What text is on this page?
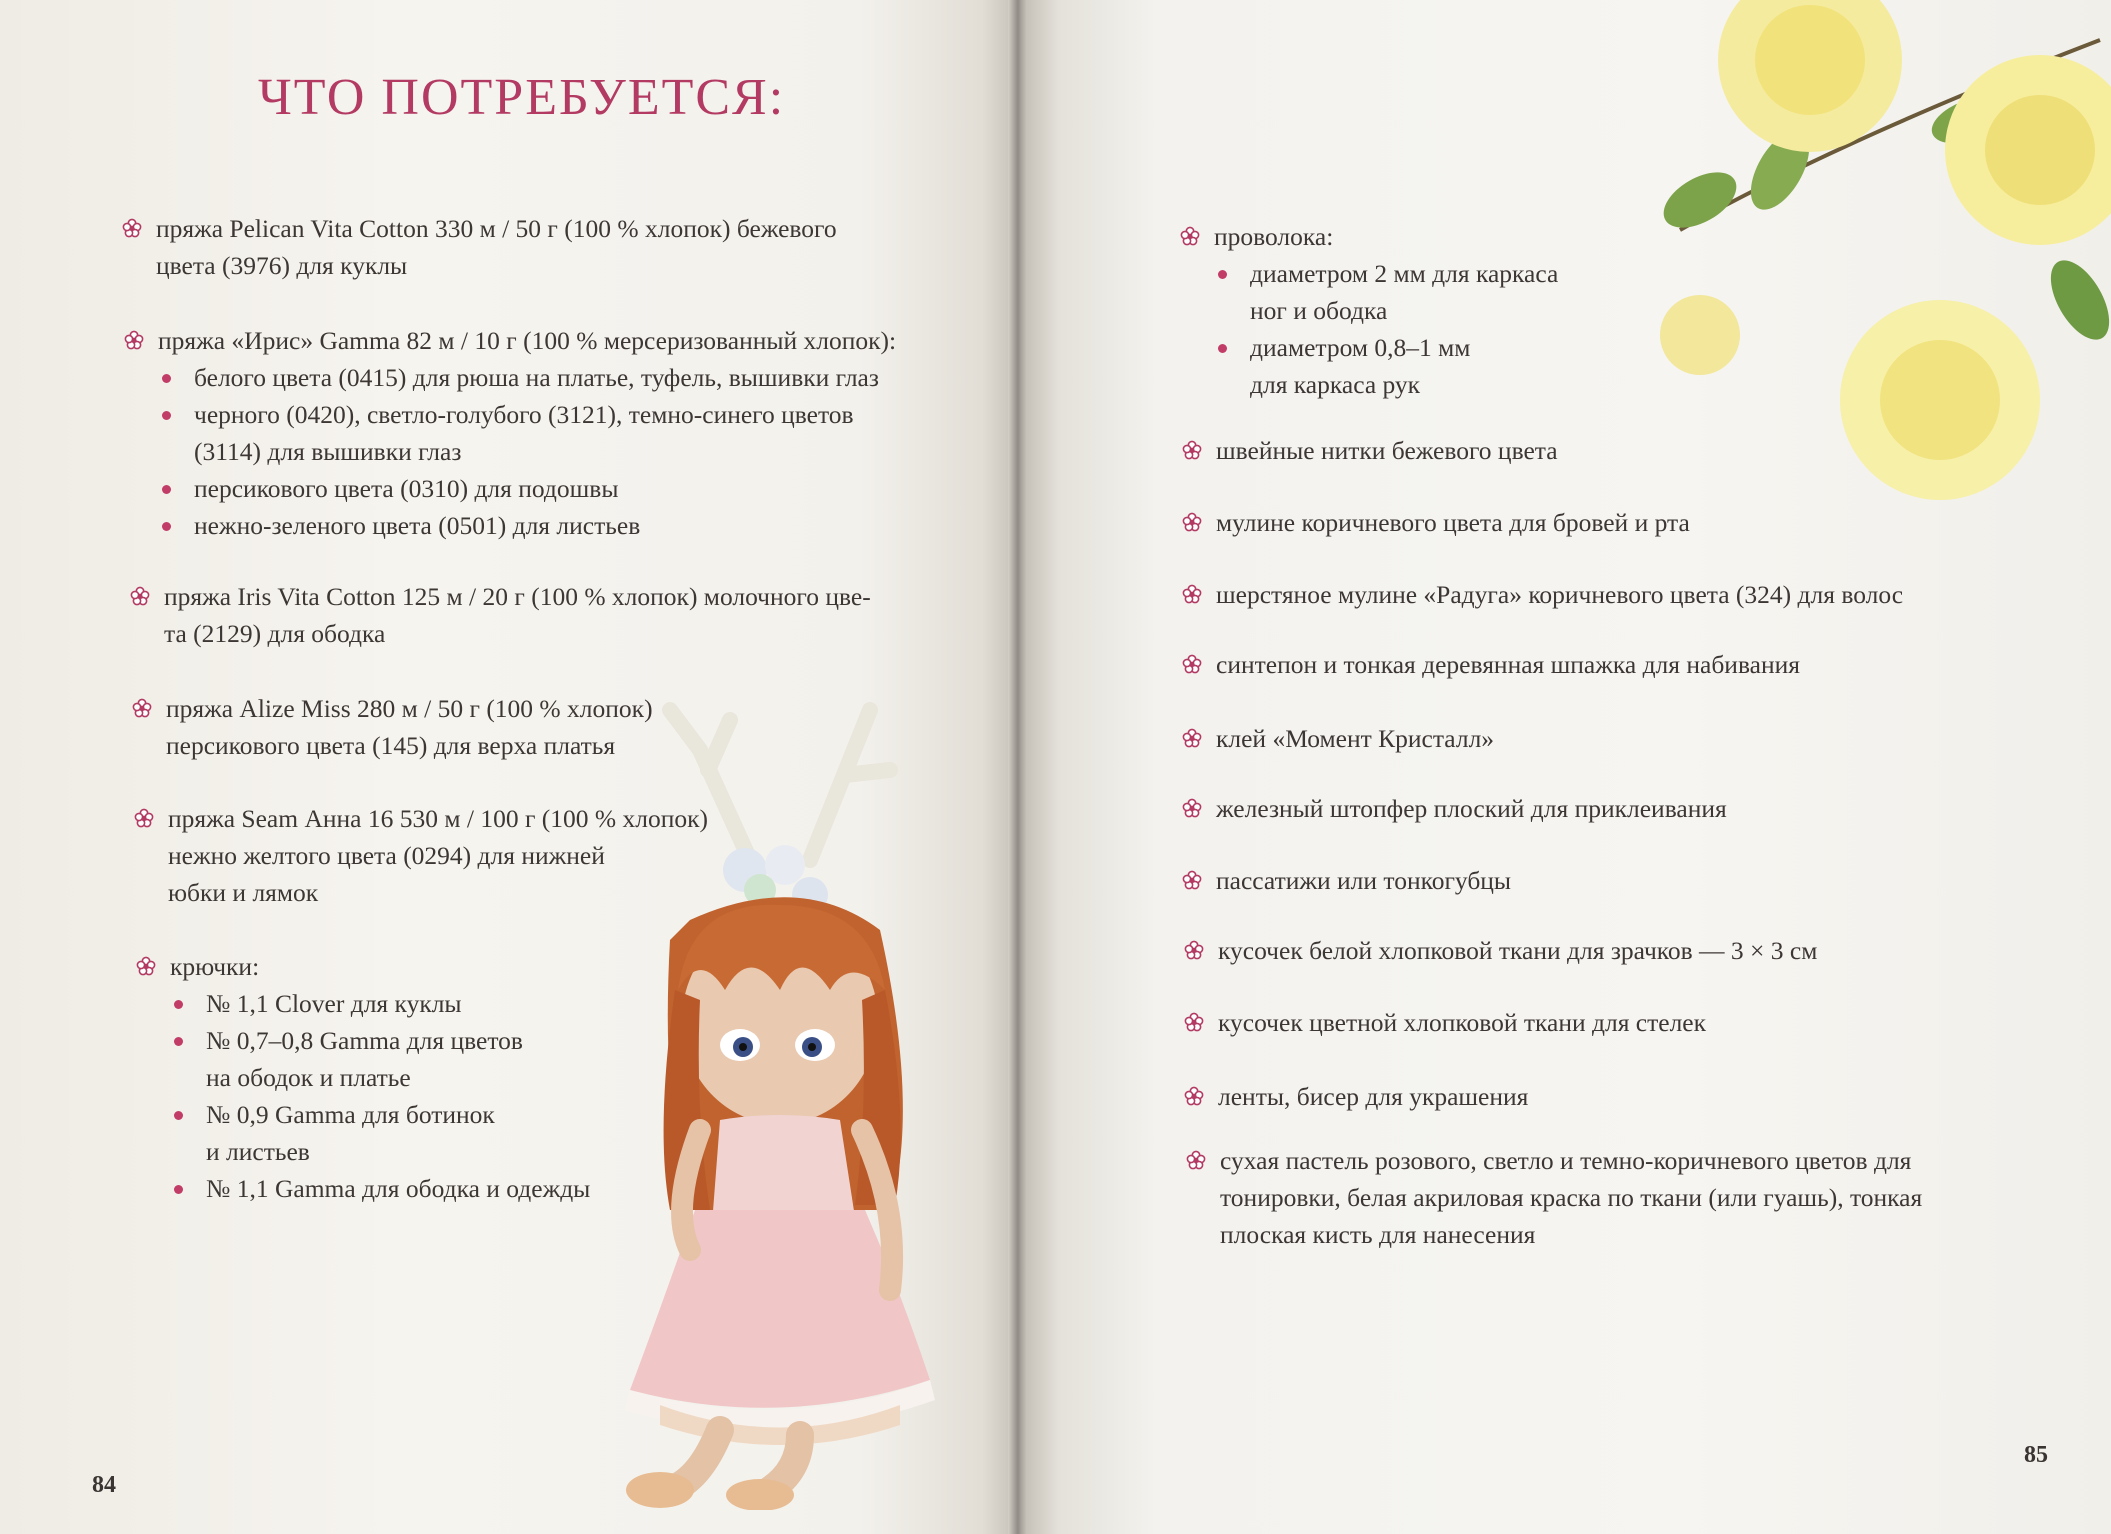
ЧТО ПОТРЕБУЕТСЯ:
пряжа Pelican Vita Cotton 330 м / 50 г (100 % хлопок) бежевого
цвета (3976) для куклы
пряжа «Ирис» Gamma 82 м / 10 г (100 % мерсеризованный хлопок):
белого цвета (0415) для рюша на платье, туфель, вышивки глаз
черного (0420), светло-голубого (3121), темно-синего цветов
(3114) для вышивки глаз
персикового цвета (0310) для подошвы
нежно-зеленого цвета (0501) для листьев
пряжа Iris Vita Cotton 125 м / 20 г (100 % хлопок) молочного цве-
та (2129) для ободка
пряжа Alize Miss 280 м / 50 г (100 % хлопок)
персикового цвета (145) для верха платья
пряжа Seam Анна 16 530 м / 100 г (100 % хлопок)
нежно желтого цвета (0294) для нижней
юбки и лямок
крючки:
№ 1,1 Clover для куклы
№ 0,7–0,8 Gamma для цветов
на ободок и платье
№ 0,9 Gamma для ботинок
и листьев
№ 1,1 Gamma для ободка и одежды
84
проволока:
диаметром 2 мм для каркаса
ног и ободка
диаметром 0,8–1 мм
для каркаса рук
швейные нитки бежевого цвета
мулине коричневого цвета для бровей и рта
шерстяное мулине «Радуга» коричневого цвета (324) для волос
синтепон и тонкая деревянная шпажка для набивания
клей «Момент Кристалл»
железный штопфер плоский для приклеивания
пассатижи или тонкогубцы
кусочек белой хлопковой ткани для зрачков — 3 × 3 см
кусочек цветной хлопковой ткани для стелек
ленты, бисер для украшения
сухая пастель розового, светло и темно-коричневого цветов для
тонировки, белая акриловая краска по ткани (или гуашь), тонкая
плоская кисть для нанесения
85
